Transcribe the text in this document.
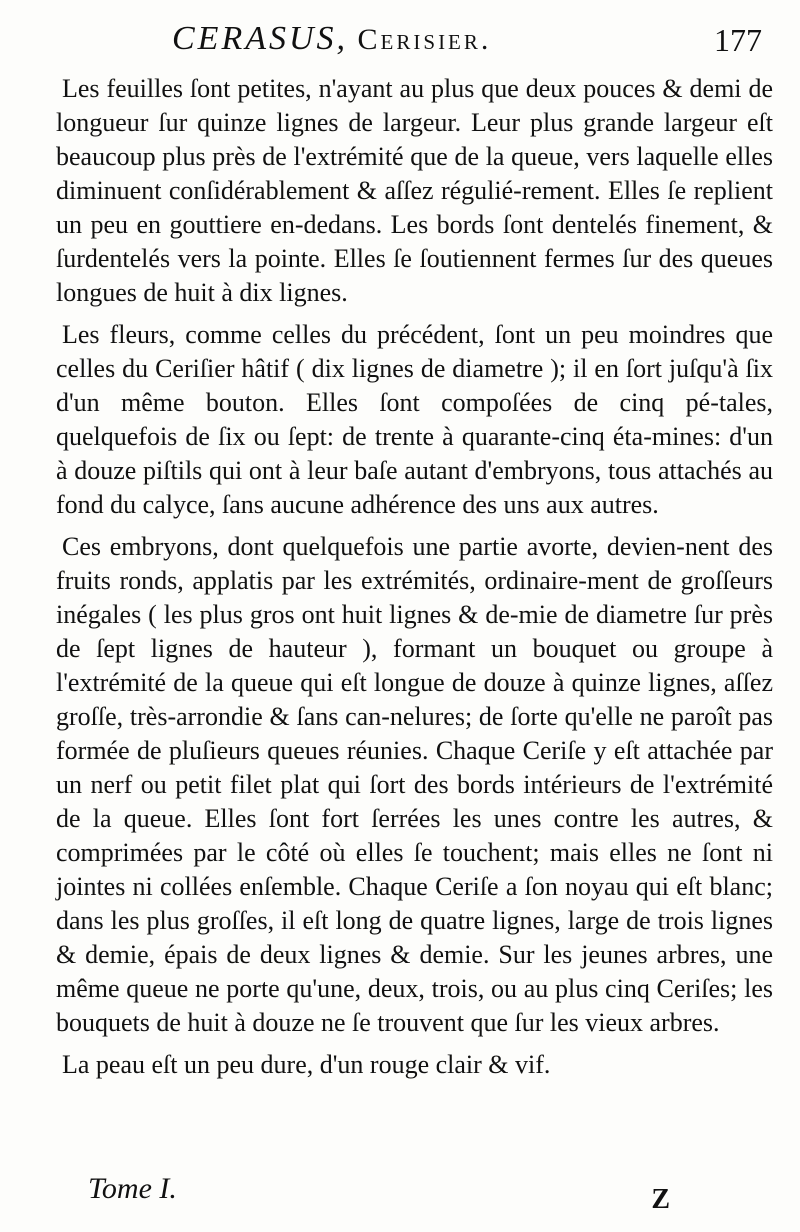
CERASUS, Cerisier.	177

Les feuilles ſont petites, n'ayant au plus que deux pouces & demi de longueur ſur quinze lignes de largeur. Leur plus grande largeur eſt beaucoup plus près de l'extrémité que de la queue, vers laquelle elles diminuent conſidérablement & aſſez régulié-rement. Elles ſe replient un peu en gouttiere en-dedans. Les bords ſont dentelés finement, & ſurdentelés vers la pointe. Elles ſe ſoutiennent fermes ſur des queues longues de huit à dix lignes.

Les fleurs, comme celles du précédent, ſont un peu moindres que celles du Ceriſier hâtif ( dix lignes de diametre ); il en ſort juſqu'à ſix d'un même bouton. Elles ſont compoſées de cinq pé-tales, quelquefois de ſix ou ſept: de trente à quarante-cinq éta-mines: d'un à douze piſtils qui ont à leur baſe autant d'embryons, tous attachés au fond du calyce, ſans aucune adhérence des uns aux autres.

Ces embryons, dont quelquefois une partie avorte, devien-nent des fruits ronds, applatis par les extrémités, ordinaire-ment de groſſeurs inégales ( les plus gros ont huit lignes & de-mie de diametre ſur près de ſept lignes de hauteur ), formant un bouquet ou groupe à l'extrémité de la queue qui eſt longue de douze à quinze lignes, aſſez groſſe, très-arrondie & ſans can-nelures; de ſorte qu'elle ne paroît pas formée de pluſieurs queues réunies. Chaque Ceriſe y eſt attachée par un nerf ou petit filet plat qui ſort des bords intérieurs de l'extrémité de la queue. Elles ſont fort ſerrées les unes contre les autres, & comprimées par le côté où elles ſe touchent; mais elles ne ſont ni jointes ni collées enſemble. Chaque Ceriſe a ſon noyau qui eſt blanc; dans les plus groſſes, il eſt long de quatre lignes, large de trois lignes & demie, épais de deux lignes & demie. Sur les jeunes arbres, une même queue ne porte qu'une, deux, trois, ou au plus cinq Ceriſes; les bouquets de huit à douze ne ſe trouvent que ſur les vieux arbres.

La peau eſt un peu dure, d'un rouge clair & vif.

Tome I.	Z
